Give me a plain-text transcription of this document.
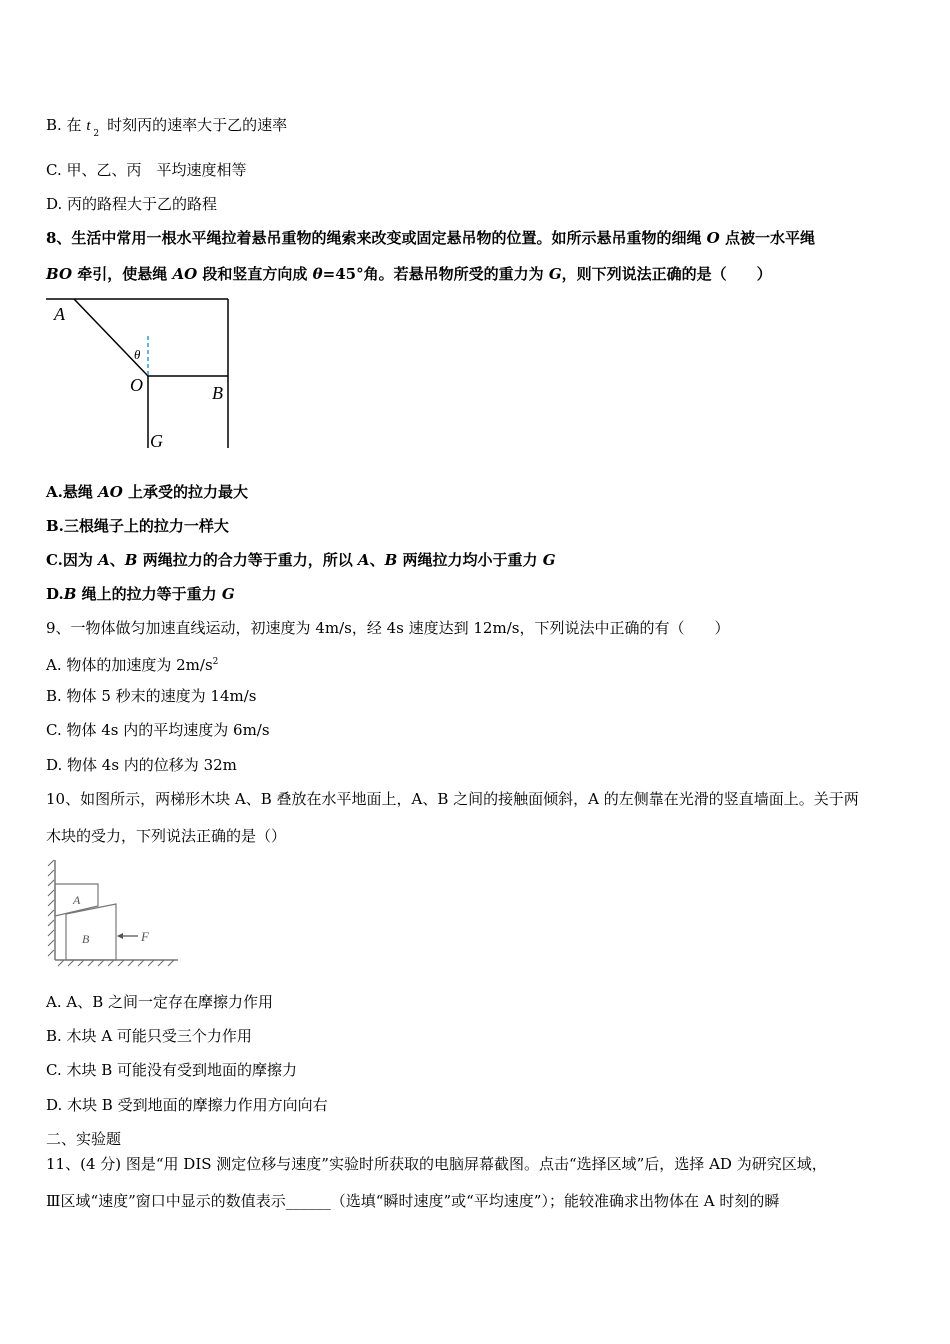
B. 在 t 2 时刻丙的速率大于乙的速率
C. 甲、乙、丙　平均速度相等
D. 丙的路程大于乙的路程
8、生活中常用一根水平绳拉着悬吊重物的绳索来改变或固定悬吊物的位置。如所示悬吊重物的细绳 O 点被一水平绳
BO 牵引，使悬绳 AO 段和竖直方向成 θ=45°角。若悬吊物所受的重力为 G，则下列说法正确的是（　　）
A
θ
O	B
G
A.悬绳 AO 上承受的拉力最大
B.三根绳子上的拉力一样大
C.因为 A、B 两绳拉力的合力等于重力，所以 A、B 两绳拉力均小于重力 G
D.B 绳上的拉力等于重力 G
9、一物体做匀加速直线运动，初速度为 4m/s，经 4s 速度达到 12m/s，下列说法中正确的有（　　）
A. 物体的加速度为 $2m/s^2$
B. 物体 5 秒末的速度为 14m/s
C. 物体 4s 内的平均速度为 6m/s
D. 物体 4s 内的位移为 32m
10、如图所示，两梯形木块 A、B 叠放在水平地面上，A、B 之间的接触面倾斜，A 的左侧靠在光滑的竖直墙面上。关于两
木块的受力，下列说法正确的是（）
A
B	F
A. A、B 之间一定存在摩擦力作用
B. 木块 A 可能只受三个力作用
C. 木块 B 可能没有受到地面的摩擦力
D. 木块 B 受到地面的摩擦力作用方向向右
二、实验题
11、(4 分) 图是“用 DIS 测定位移与速度”实验时所获取的电脑屏幕截图。点击“选择区域”后，选择 AD 为研究区域，
Ⅲ区域“速度”窗口中显示的数值表示______（选填“瞬时速度”或“平均速度”）；能较准确求出物体在 A 时刻的瞬
